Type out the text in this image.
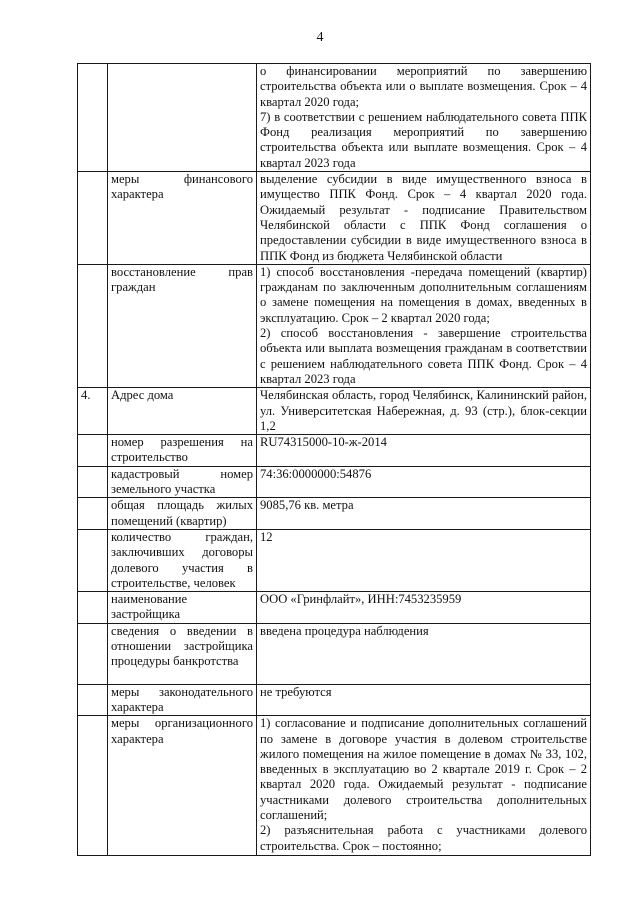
4

		о финансировании мероприятий по завершению строительства объекта или о выплате возмещения. Срок – 4 квартал 2020 года;
7) в соответствии с решением наблюдательного совета ППК Фонд реализация мероприятий по завершению строительства объекта или выплате возмещения. Срок – 4 квартал 2023 года

	меры финансового характера	выделение субсидии в виде имущественного взноса в имущество ППК Фонд. Срок – 4 квартал 2020 года. Ожидаемый результат - подписание Правительством Челябинской области с ППК Фонд соглашения о предоставлении субсидии в виде имущественного взноса в ППК Фонд из бюджета Челябинской области

	восстановление прав граждан	1) способ восстановления -передача помещений (квартир) гражданам по заключенным дополнительным соглашениям о замене помещения на помещения в домах, введенных в эксплуатацию. Срок – 2 квартал 2020 года;
2) способ восстановления - завершение строительства объекта или выплата возмещения гражданам в соответствии с решением наблюдательного совета ППК Фонд. Срок – 4 квартал 2023 года

4.	Адрес дома	Челябинская область, город Челябинск, Калининский район, ул. Университетская Набережная, д. 93 (стр.), блок-секции 1,2

	номер разрешения на строительство	RU74315000-10-ж-2014

	кадастровый номер земельного участка	74:36:0000000:54876

	общая площадь жилых помещений (квартир)	9085,76 кв. метра

	количество граждан, заключивших договоры долевого участия в строительстве, человек	12

	наименование застройщика	ООО «Гринфлайт», ИНН:7453235959

	сведения о введении в отношении застройщика процедуры банкротства	введена процедура наблюдения

	меры законодательного характера	не требуются

	меры организационного характера	1) согласование и подписание дополнительных соглашений по замене в договоре участия в долевом строительстве жилого помещения на жилое помещение в домах № 33, 102, введенных в эксплуатацию во 2 квартале 2019 г. Срок – 2 квартал 2020 года. Ожидаемый результат - подписание участниками долевого строительства дополнительных соглашений;
2) разъяснительная работа с участниками долевого строительства. Срок – постоянно;
